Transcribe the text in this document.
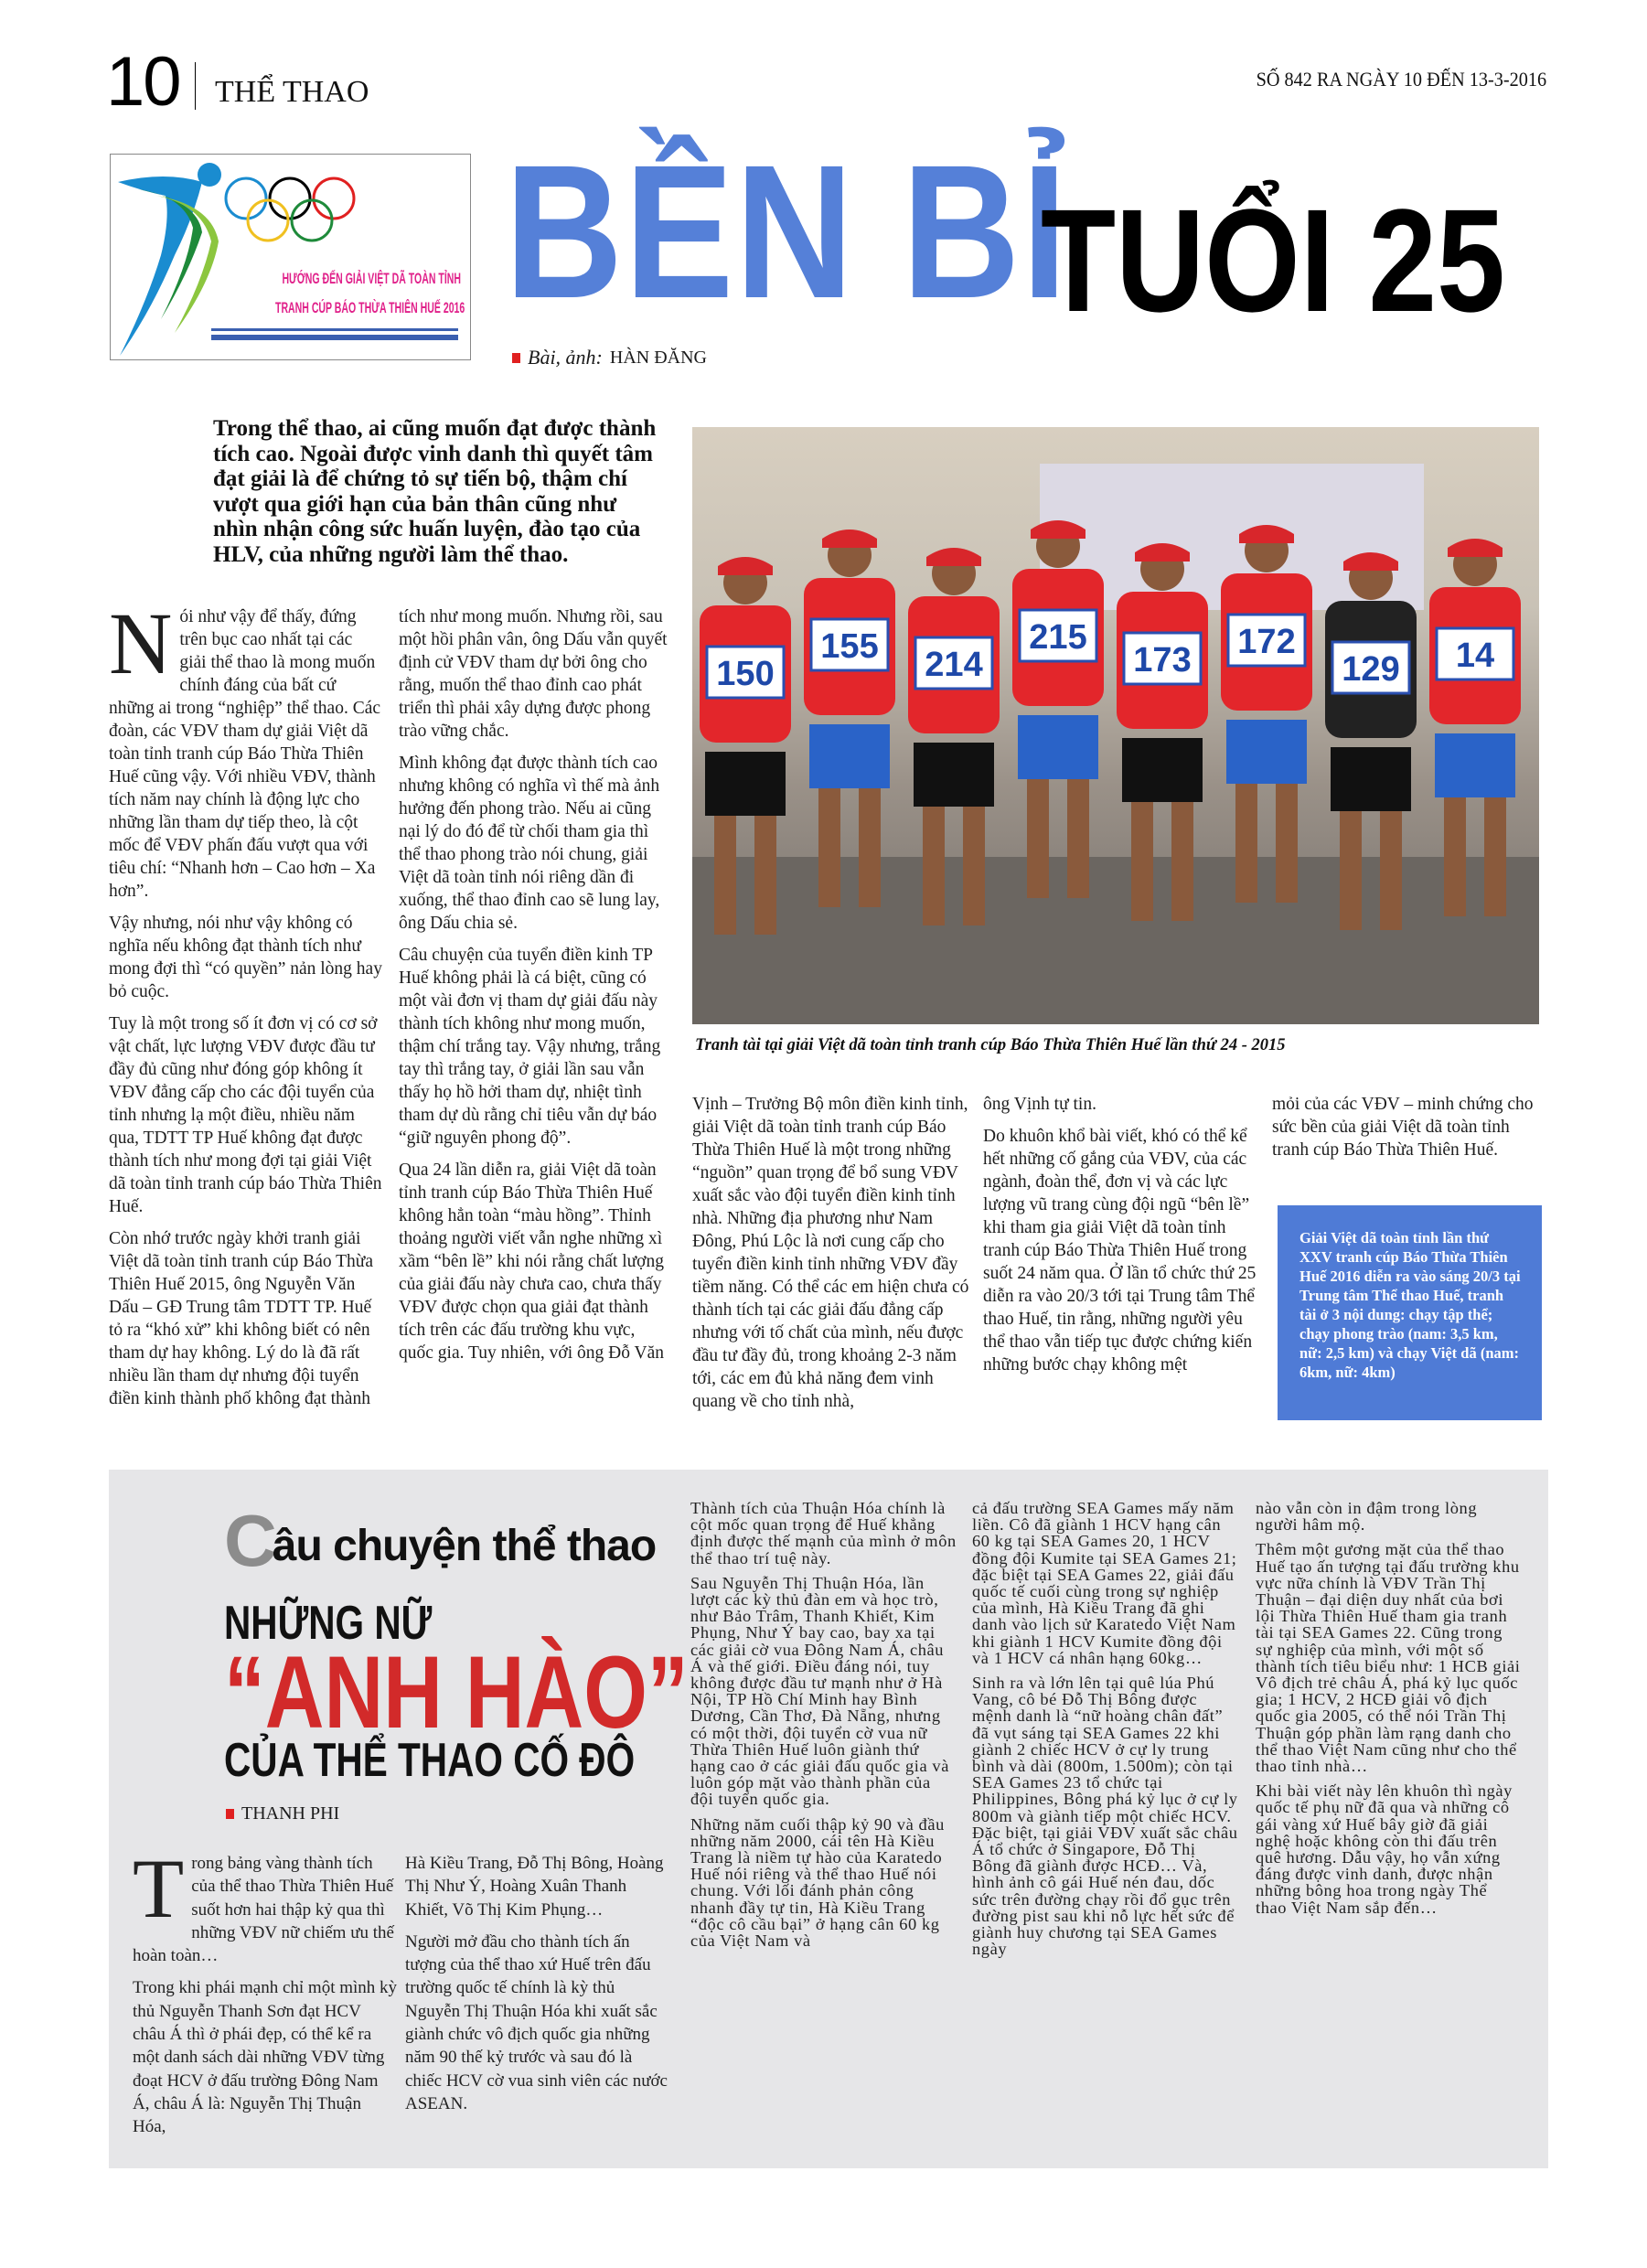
10 THỂ THAO	SỐ 842 RA NGÀY 10 ĐẾN 13-3-2016
HƯỚNG ĐẾN GIẢI VIỆT DÃ TOÀN TỈNH
TRANH CÚP BÁO THỪA THIÊN HUẾ 2016 BỀN BỈ
TUỔI 25
Bài, ảnh: HÀN ĐĂNG
Trong thể thao, ai cũng muốn đạt được thành tích cao. Ngoài được vinh danh thì quyết tâm đạt giải là để chứng tỏ sự tiến bộ, thậm chí vượt qua giới hạn của bản thân cũng như nhìn nhận công sức huấn luyện, đào tạo của HLV, của những người làm thể thao.
150
155 214
215
173 172
129 14
Tranh tài tại giải Việt dã toàn tỉnh tranh cúp Báo Thừa Thiên Huế lần thứ 24 - 2015

Nói như vậy để thấy, đứng trên bục cao nhất tại các giải thể thao là mong muốn chính đáng của bất cứ những ai trong “nghiệp” thể thao. Các đoàn, các VĐV tham dự giải Việt dã toàn tỉnh tranh cúp Báo Thừa Thiên Huế cũng vậy. Với nhiều VĐV, thành tích năm nay chính là động lực cho những lần tham dự tiếp theo, là cột mốc để VĐV phấn đấu vượt qua với tiêu chí: “Nhanh hơn – Cao hơn – Xa hơn”.

Vậy nhưng, nói như vậy không có nghĩa nếu không đạt thành tích như mong đợi thì “có quyền” nản lòng hay bỏ cuộc.

Tuy là một trong số ít đơn vị có cơ sở vật chất, lực lượng VĐV được đầu tư đầy đủ cũng như đóng góp không ít VĐV đẳng cấp cho các đội tuyển của tỉnh nhưng lạ một điều, nhiều năm qua, TDTT TP Huế không đạt được thành tích như mong đợi tại giải Việt dã toàn tỉnh tranh cúp báo Thừa Thiên Huế.

Còn nhớ trước ngày khởi tranh giải Việt dã toàn tỉnh tranh cúp Báo Thừa Thiên Huế 2015, ông Nguyễn Văn Dấu – GĐ Trung tâm TDTT TP. Huế tỏ ra “khó xử” khi không biết có nên tham dự hay không. Lý do là đã rất nhiều lần tham dự nhưng đội tuyển điền kinh thành phố không đạt thành

tích như mong muốn. Nhưng rồi, sau một hồi phân vân, ông Dấu vẫn quyết định cử VĐV tham dự bởi ông cho rằng, muốn thể thao đỉnh cao phát triển thì phải xây dựng được phong trào vững chắc.

Mình không đạt được thành tích cao nhưng không có nghĩa vì thế mà ảnh hưởng đến phong trào. Nếu ai cũng nại lý do đó để từ chối tham gia thì thể thao phong trào nói chung, giải Việt dã toàn tỉnh nói riêng dần đi xuống, thể thao đỉnh cao sẽ lung lay, ông Dấu chia sẻ.

Câu chuyện của tuyển điền kinh TP Huế không phải là cá biệt, cũng có một vài đơn vị tham dự giải đấu này thành tích không như mong muốn, thậm chí trắng tay. Vậy nhưng, trắng tay thì trắng tay, ở giải lần sau vẫn thấy họ hồ hởi tham dự, nhiệt tình tham dự dù rằng chỉ tiêu vẫn dự báo “giữ nguyên phong độ”.

Qua 24 lần diễn ra, giải Việt dã toàn tỉnh tranh cúp Báo Thừa Thiên Huế không hẳn toàn “màu hồng”. Thỉnh thoảng người viết vẫn nghe những xì xầm “bên lề” khi nói rằng chất lượng của giải đấu này chưa cao, chưa thấy VĐV được chọn qua giải đạt thành tích trên các đấu trường khu vực, quốc gia. Tuy nhiên, với ông Đỗ Văn

Vịnh – Trưởng Bộ môn điền kinh tỉnh, giải Việt dã toàn tỉnh tranh cúp Báo Thừa Thiên Huế là một trong những “nguồn” quan trọng để bổ sung VĐV xuất sắc vào đội tuyển điền kinh tỉnh nhà. Những địa phương như Nam Đông, Phú Lộc là nơi cung cấp cho tuyển điền kinh tỉnh những VĐV đầy tiềm năng. Có thể các em hiện chưa có thành tích tại các giải đấu đẳng cấp nhưng với tố chất của mình, nếu được đầu tư đầy đủ, trong khoảng 2-3 năm tới, các em đủ khả năng đem vinh quang về cho tỉnh nhà,

ông Vịnh tự tin.

Do khuôn khổ bài viết, khó có thể kể hết những cố gắng của VĐV, của các ngành, đoàn thể, đơn vị và các lực lượng vũ trang cùng đội ngũ “bên lề” khi tham gia giải Việt dã toàn tỉnh tranh cúp Báo Thừa Thiên Huế trong suốt 24 năm qua. Ở lần tổ chức thứ 25 diễn ra vào 20/3 tới tại Trung tâm Thể thao Huế, tin rằng, những người yêu thể thao vẫn tiếp tục được chứng kiến những bước chạy không mệt

mỏi của các VĐV – minh chứng cho sức bền của giải Việt dã toàn tỉnh tranh cúp Báo Thừa Thiên Huế.

Giải Việt dã toàn tỉnh lần thứ XXV tranh cúp Báo Thừa Thiên Huế 2016 diễn ra vào sáng 20/3 tại Trung tâm Thể thao Huế, tranh tài ở 3 nội dung: chạy tập thể; chạy phong trào (nam: 3,5 km, nữ: 2,5 km) và chạy Việt dã (nam: 6km, nữ: 4km)
Câu chuyện thể thao
NHỮNG NỮ
“ANH HÀO”
CỦA THỂ THAO CỐ ĐÔ
THANH PHI

Trong bảng vàng thành tích của thể thao Thừa Thiên Huế suốt hơn hai thập kỷ qua thì những VĐV nữ chiếm ưu thế hoàn toàn…

Trong khi phái mạnh chỉ một mình kỳ thủ Nguyễn Thanh Sơn đạt HCV châu Á thì ở phái đẹp, có thể kể ra một danh sách dài những VĐV từng đoạt HCV ở đấu trường Đông Nam Á, châu Á là: Nguyễn Thị Thuận Hóa,

Hà Kiều Trang, Đỗ Thị Bông, Hoàng Thị Như Ý, Hoàng Xuân Thanh Khiết, Võ Thị Kim Phụng…

Người mở đầu cho thành tích ấn tượng của thể thao xứ Huế trên đấu trường quốc tế chính là kỳ thủ Nguyễn Thị Thuận Hóa khi xuất sắc giành chức vô địch quốc gia những năm 90 thế kỷ trước và sau đó là chiếc HCV cờ vua sinh viên các nước ASEAN.

Thành tích của Thuận Hóa chính là cột mốc quan trọng để Huế khẳng định được thế mạnh của mình ở môn thể thao trí tuệ này.

Sau Nguyễn Thị Thuận Hóa, lần lượt các kỳ thủ đàn em và học trò, như Bảo Trâm, Thanh Khiết, Kim Phụng, Như Ý bay cao, bay xa tại các giải cờ vua Đông Nam Á, châu Á và thế giới. Điều đáng nói, tuy không được đầu tư mạnh như ở Hà Nội, TP Hồ Chí Minh hay Bình Dương, Cần Thơ, Đà Nẵng, nhưng có một thời, đội tuyển cờ vua nữ Thừa Thiên Huế luôn giành thứ hạng cao ở các giải đấu quốc gia và luôn góp mặt vào thành phần của đội tuyển quốc gia.

Những năm cuối thập kỷ 90 và đầu những năm 2000, cái tên Hà Kiều Trang là niềm tự hào của Karatedo Huế nói riêng và thể thao Huế nói chung. Với lối đánh phản công nhanh đầy tự tin, Hà Kiều Trang “độc cô cầu bại” ở hạng cân 60 kg của Việt Nam và

cả đấu trường SEA Games mấy năm liền. Cô đã giành 1 HCV hạng cân 60 kg tại SEA Games 20, 1 HCV đồng đội Kumite tại SEA Games 21; đặc biệt tại SEA Games 22, giải đấu quốc tế cuối cùng trong sự nghiệp của mình, Hà Kiều Trang đã ghi danh vào lịch sử Karatedo Việt Nam khi giành 1 HCV Kumite đồng đội và 1 HCV cá nhân hạng 60kg…

Sinh ra và lớn lên tại quê lúa Phú Vang, cô bé Đỗ Thị Bông được mệnh danh là “nữ hoàng chân đất” đã vụt sáng tại SEA Games 22 khi giành 2 chiếc HCV ở cự ly trung bình và dài (800m, 1.500m); còn tại SEA Games 23 tổ chức tại Philippines, Bông phá kỷ lục ở cự ly 800m và giành tiếp một chiếc HCV. Đặc biệt, tại giải VĐV xuất sắc châu Á tổ chức ở Singapore, Đỗ Thị Bông đã giành được HCĐ… Và, hình ảnh cô gái Huế nén đau, dốc sức trên đường chạy rồi đổ gục trên đường pist sau khi nỗ lực hết sức để giành huy chương tại SEA Games ngày

nào vẫn còn in đậm trong lòng người hâm mộ.

Thêm một gương mặt của thể thao Huế tạo ấn tượng tại đấu trường khu vực nữa chính là VĐV Trần Thị Thuận – đại diện duy nhất của bơi lội Thừa Thiên Huế tham gia tranh tài tại SEA Games 22. Cũng trong sự nghiệp của mình, với một số thành tích tiêu biểu như: 1 HCB giải Vô địch trẻ châu Á, phá kỷ lục quốc gia; 1 HCV, 2 HCĐ giải vô địch quốc gia 2005, có thể nói Trần Thị Thuận góp phần làm rạng danh cho thể thao Việt Nam cũng như cho thể thao tỉnh nhà…

Khi bài viết này lên khuôn thì ngày quốc tế phụ nữ đã qua và những cô gái vàng xứ Huế bây giờ đã giải nghệ hoặc không còn thi đấu trên quê hương. Dẫu vậy, họ vẫn xứng đáng được vinh danh, được nhận những bông hoa trong ngày Thể thao Việt Nam sắp đến…
